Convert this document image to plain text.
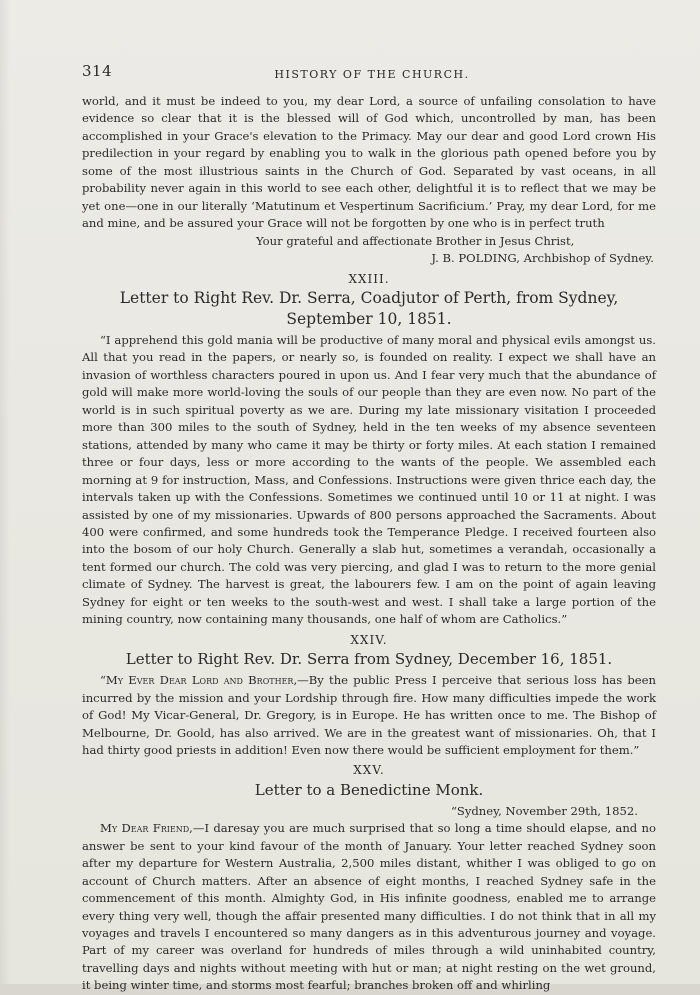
314	HISTORY OF THE CHURCH.

world, and it must be indeed to you, my dear Lord, a source of unfailing consolation to have evidence so clear that it is the blessed will of God which, uncontrolled by man, has been accomplished in your Grace's elevation to the Primacy. May our dear and good Lord crown His predilection in your regard by enabling you to walk in the glorious path opened before you by some of the most illustrious saints in the Church of God. Separated by vast oceans, in all probability never again in this world to see each other, delightful it is to reflect that we may be yet one—one in our literally ‘Matutinum et Vespertinum Sacrificium.’ Pray, my dear Lord, for me and mine, and be assured your Grace will not be forgotten by one who is in perfect truth

Your grateful and affectionate Brother in Jesus Christ,

J. B. POLDING, Archbishop of Sydney.

XXIII.
Letter to Right Rev. Dr. Serra, Coadjutor of Perth, from Sydney, September 10, 1851.

“I apprehend this gold mania will be productive of many moral and physical evils amongst us. All that you read in the papers, or nearly so, is founded on reality. I expect we shall have an invasion of worthless characters poured in upon us. And I fear very much that the abundance of gold will make more world-loving the souls of our people than they are even now. No part of the world is in such spiritual poverty as we are. During my late missionary visitation I proceeded more than 300 miles to the south of Sydney, held in the ten weeks of my absence seventeen stations, attended by many who came it may be thirty or forty miles. At each station I remained three or four days, less or more according to the wants of the people. We assembled each morning at 9 for instruction, Mass, and Confessions. Instructions were given thrice each day, the intervals taken up with the Confessions. Sometimes we continued until 10 or 11 at night. I was assisted by one of my missionaries. Upwards of 800 persons approached the Sacraments. About 400 were confirmed, and some hundreds took the Temperance Pledge. I received fourteen also into the bosom of our holy Church. Generally a slab hut, sometimes a verandah, occasionally a tent formed our church. The cold was very piercing, and glad I was to return to the more genial climate of Sydney. The harvest is great, the labourers few. I am on the point of again leaving Sydney for eight or ten weeks to the south-west and west. I shall take a large portion of the mining country, now containing many thousands, one half of whom are Catholics.”

XXIV.
Letter to Right Rev. Dr. Serra from Sydney, December 16, 1851.

“My Ever Dear Lord and Brother,—By the public Press I perceive that serious loss has been incurred by the mission and your Lordship through fire. How many difficulties impede the work of God! My Vicar-General, Dr. Gregory, is in Europe. He has written once to me. The Bishop of Melbourne, Dr. Goold, has also arrived. We are in the greatest want of missionaries. Oh, that I had thirty good priests in addition! Even now there would be sufficient employment for them.”

XXV.
Letter to a Benedictine Monk.

“Sydney, November 29th, 1852.

My Dear Friend,—I daresay you are much surprised that so long a time should elapse, and no answer be sent to your kind favour of the month of January. Your letter reached Sydney soon after my departure for Western Australia, 2,500 miles distant, whither I was obliged to go on account of Church matters. After an absence of eight months, I reached Sydney safe in the commencement of this month. Almighty God, in His infinite goodness, enabled me to arrange every thing very well, though the affair presented many difficulties. I do not think that in all my voyages and travels I encountered so many dangers as in this adventurous journey and voyage. Part of my career was overland for hundreds of miles through a wild uninhabited country, travelling days and nights without meeting with hut or man; at night resting on the wet ground, it being winter time, and storms most fearful; branches broken off and whirling
